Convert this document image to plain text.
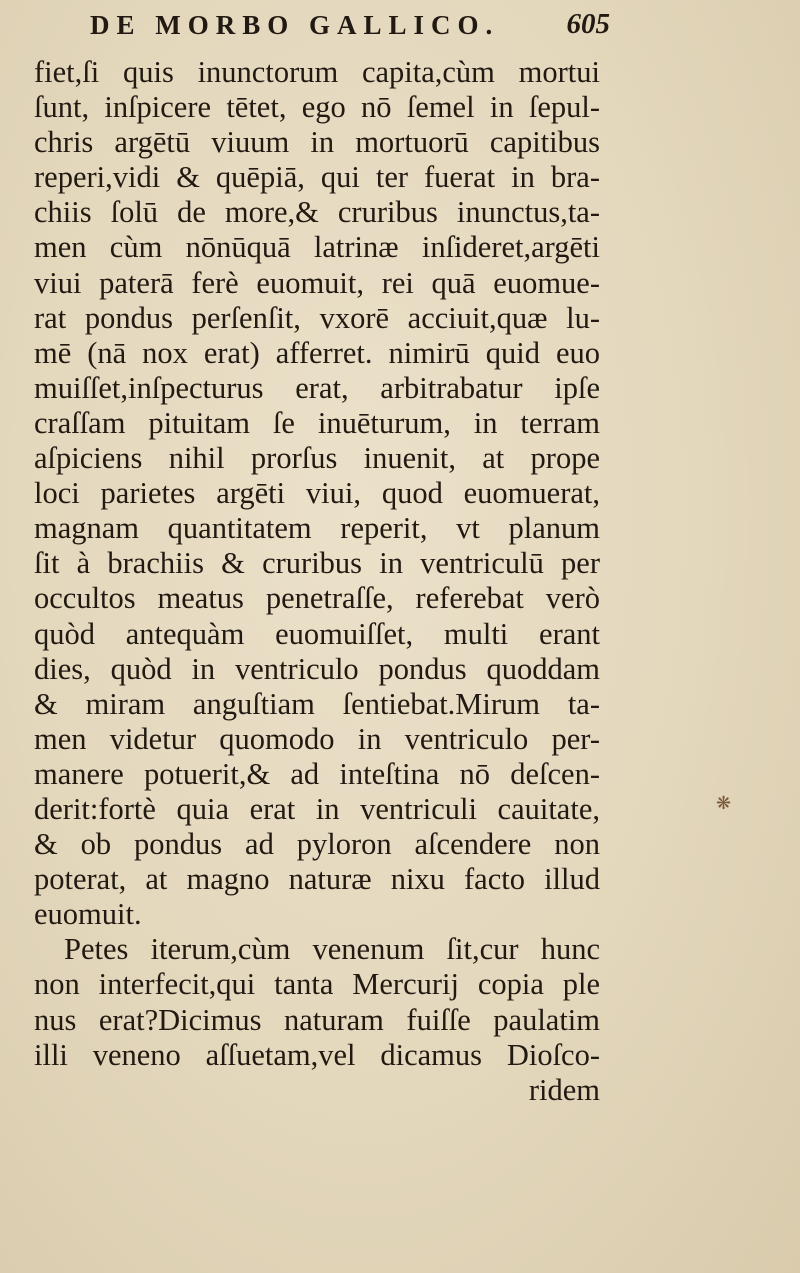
DE MORBO GALLICO. 605
fiet,ſi quis inunctorum capita,cùm mortui
ſunt, inſpicere tētet, ego nō ſemel in ſepul-
chris argētū viuum in mortuorū capitibus
reperi,vidi & quēpiā, qui ter fuerat in bra-
chiis ſolū de more,& cruribus inunctus,ta-
men cùm nōnūquā latrinæ inſideret,argēti
viui paterā ferè euomuit, rei quā euomue-
rat pondus perſenſit, vxorē acciuit,quæ lu-
mē (nā nox erat) afferret. nimirū quid euo
muiſſet,inſpecturus erat, arbitrabatur ipſe
craſſam pituitam ſe inuēturum, in terram
aſpiciens nihil prorſus inuenit, at prope
loci parietes argēti viui, quod euomuerat,
magnam quantitatem reperit, vt planum
ſit à brachiis & cruribus in ventriculū per
occultos meatus penetraſſe, referebat verò
quòd antequàm euomuiſſet, multi erant
dies, quòd in ventriculo pondus quoddam
& miram anguſtiam ſentiebat.Mirum ta-
men videtur quomodo in ventriculo per-
manere potuerit,& ad inteſtina nō deſcen-
derit:fortè quia erat in ventriculi cauitate,
& ob pondus ad pyloron aſcendere non
poterat, at magno naturæ nixu facto illud
euomuit.
Petes iterum,cùm venenum ſit,cur hunc
non interfecit,qui tanta Mercurij copia ple
nus erat?Dicimus naturam fuiſſe paulatim
illi veneno aſſuetam,vel dicamus Dioſco-
ridem
❋
